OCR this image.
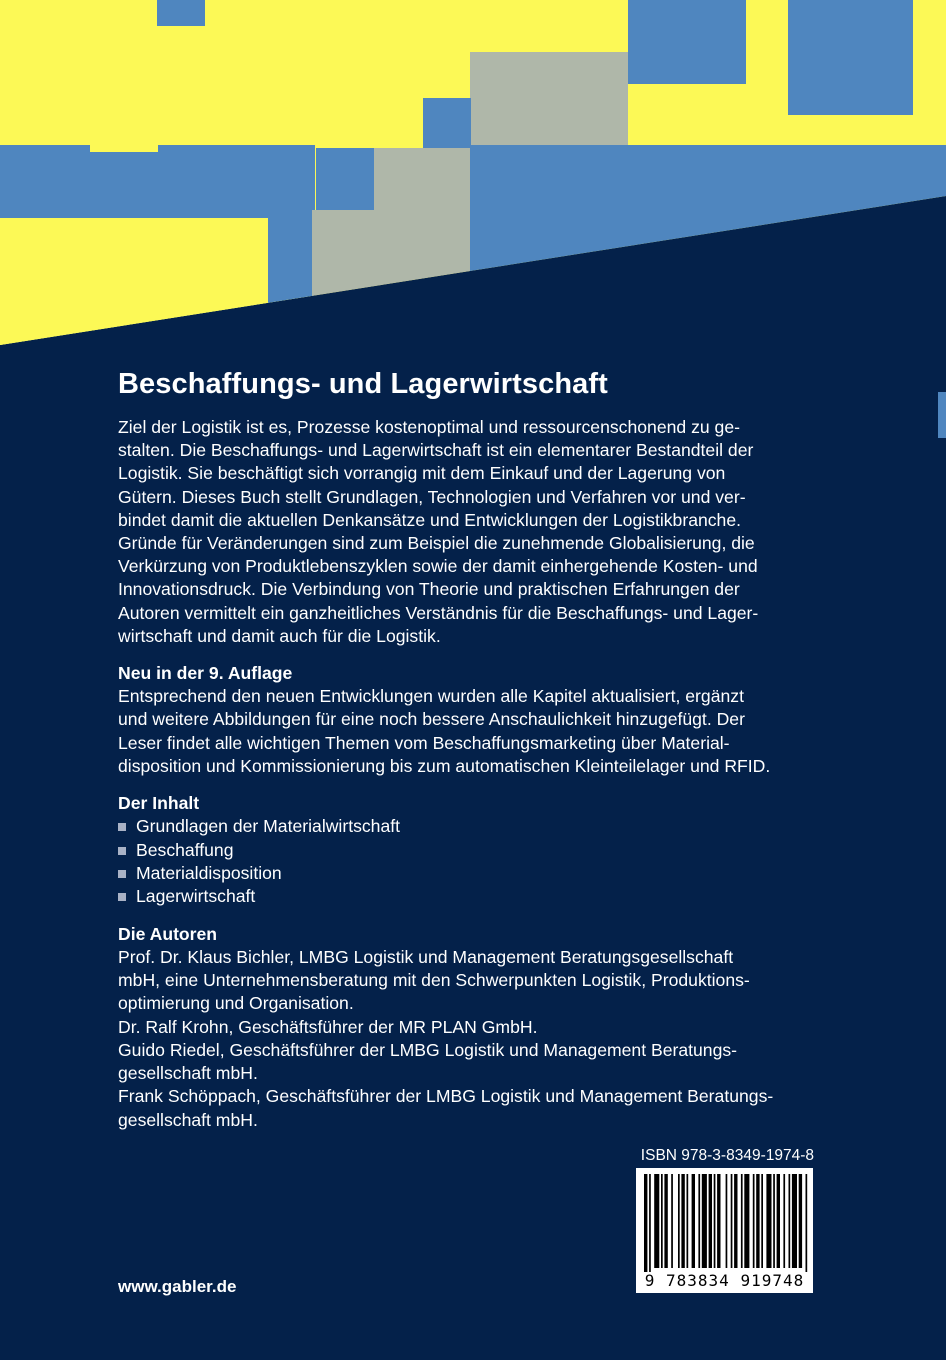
Beschaffungs- und Lagerwirtschaft
Ziel der Logistik ist es, Prozesse kostenoptimal und ressourcenschonend zu ge-
stalten. Die Beschaffungs- und Lagerwirtschaft ist ein elementarer Bestandteil der
Logistik. Sie beschäftigt sich vorrangig mit dem Einkauf und der Lagerung von
Gütern. Dieses Buch stellt Grundlagen, Technologien und Verfahren vor und ver-
bindet damit die aktuellen Denkansätze und Entwicklungen der Logistikbranche.
Gründe für Veränderungen sind zum Beispiel die zunehmende Globalisierung, die
Verkürzung von Produktlebenszyklen sowie der damit einhergehende Kosten- und
Innovationsdruck. Die Verbindung von Theorie und praktischen Erfahrungen der
Autoren vermittelt ein ganzheitliches Verständnis für die Beschaffungs- und Lager-
wirtschaft und damit auch für die Logistik.
Neu in der 9. Auflage
Entsprechend den neuen Entwicklungen wurden alle Kapitel aktualisiert, ergänzt
und weitere Abbildungen für eine noch bessere Anschaulichkeit hinzugefügt. Der
Leser findet alle wichtigen Themen vom Beschaffungsmarketing über Material-
disposition und Kommissionierung bis zum automatischen Kleinteilelager und RFID.
Der Inhalt
Grundlagen der Materialwirtschaft
Beschaffung
Materialdisposition
Lagerwirtschaft
Die Autoren
Prof. Dr. Klaus Bichler, LMBG Logistik und Management Beratungsgesellschaft
mbH, eine Unternehmensberatung mit den Schwerpunkten Logistik, Produktions-
optimierung und Organisation.
Dr. Ralf Krohn, Geschäftsführer der MR PLAN GmbH.
Guido Riedel, Geschäftsführer der LMBG Logistik und Management Beratungs-
gesellschaft mbH.
Frank Schöppach, Geschäftsführer der LMBG Logistik und Management Beratungs-
gesellschaft mbH.
ISBN 978-3-8349-1974-8
9 783834 919748
www.gabler.de
